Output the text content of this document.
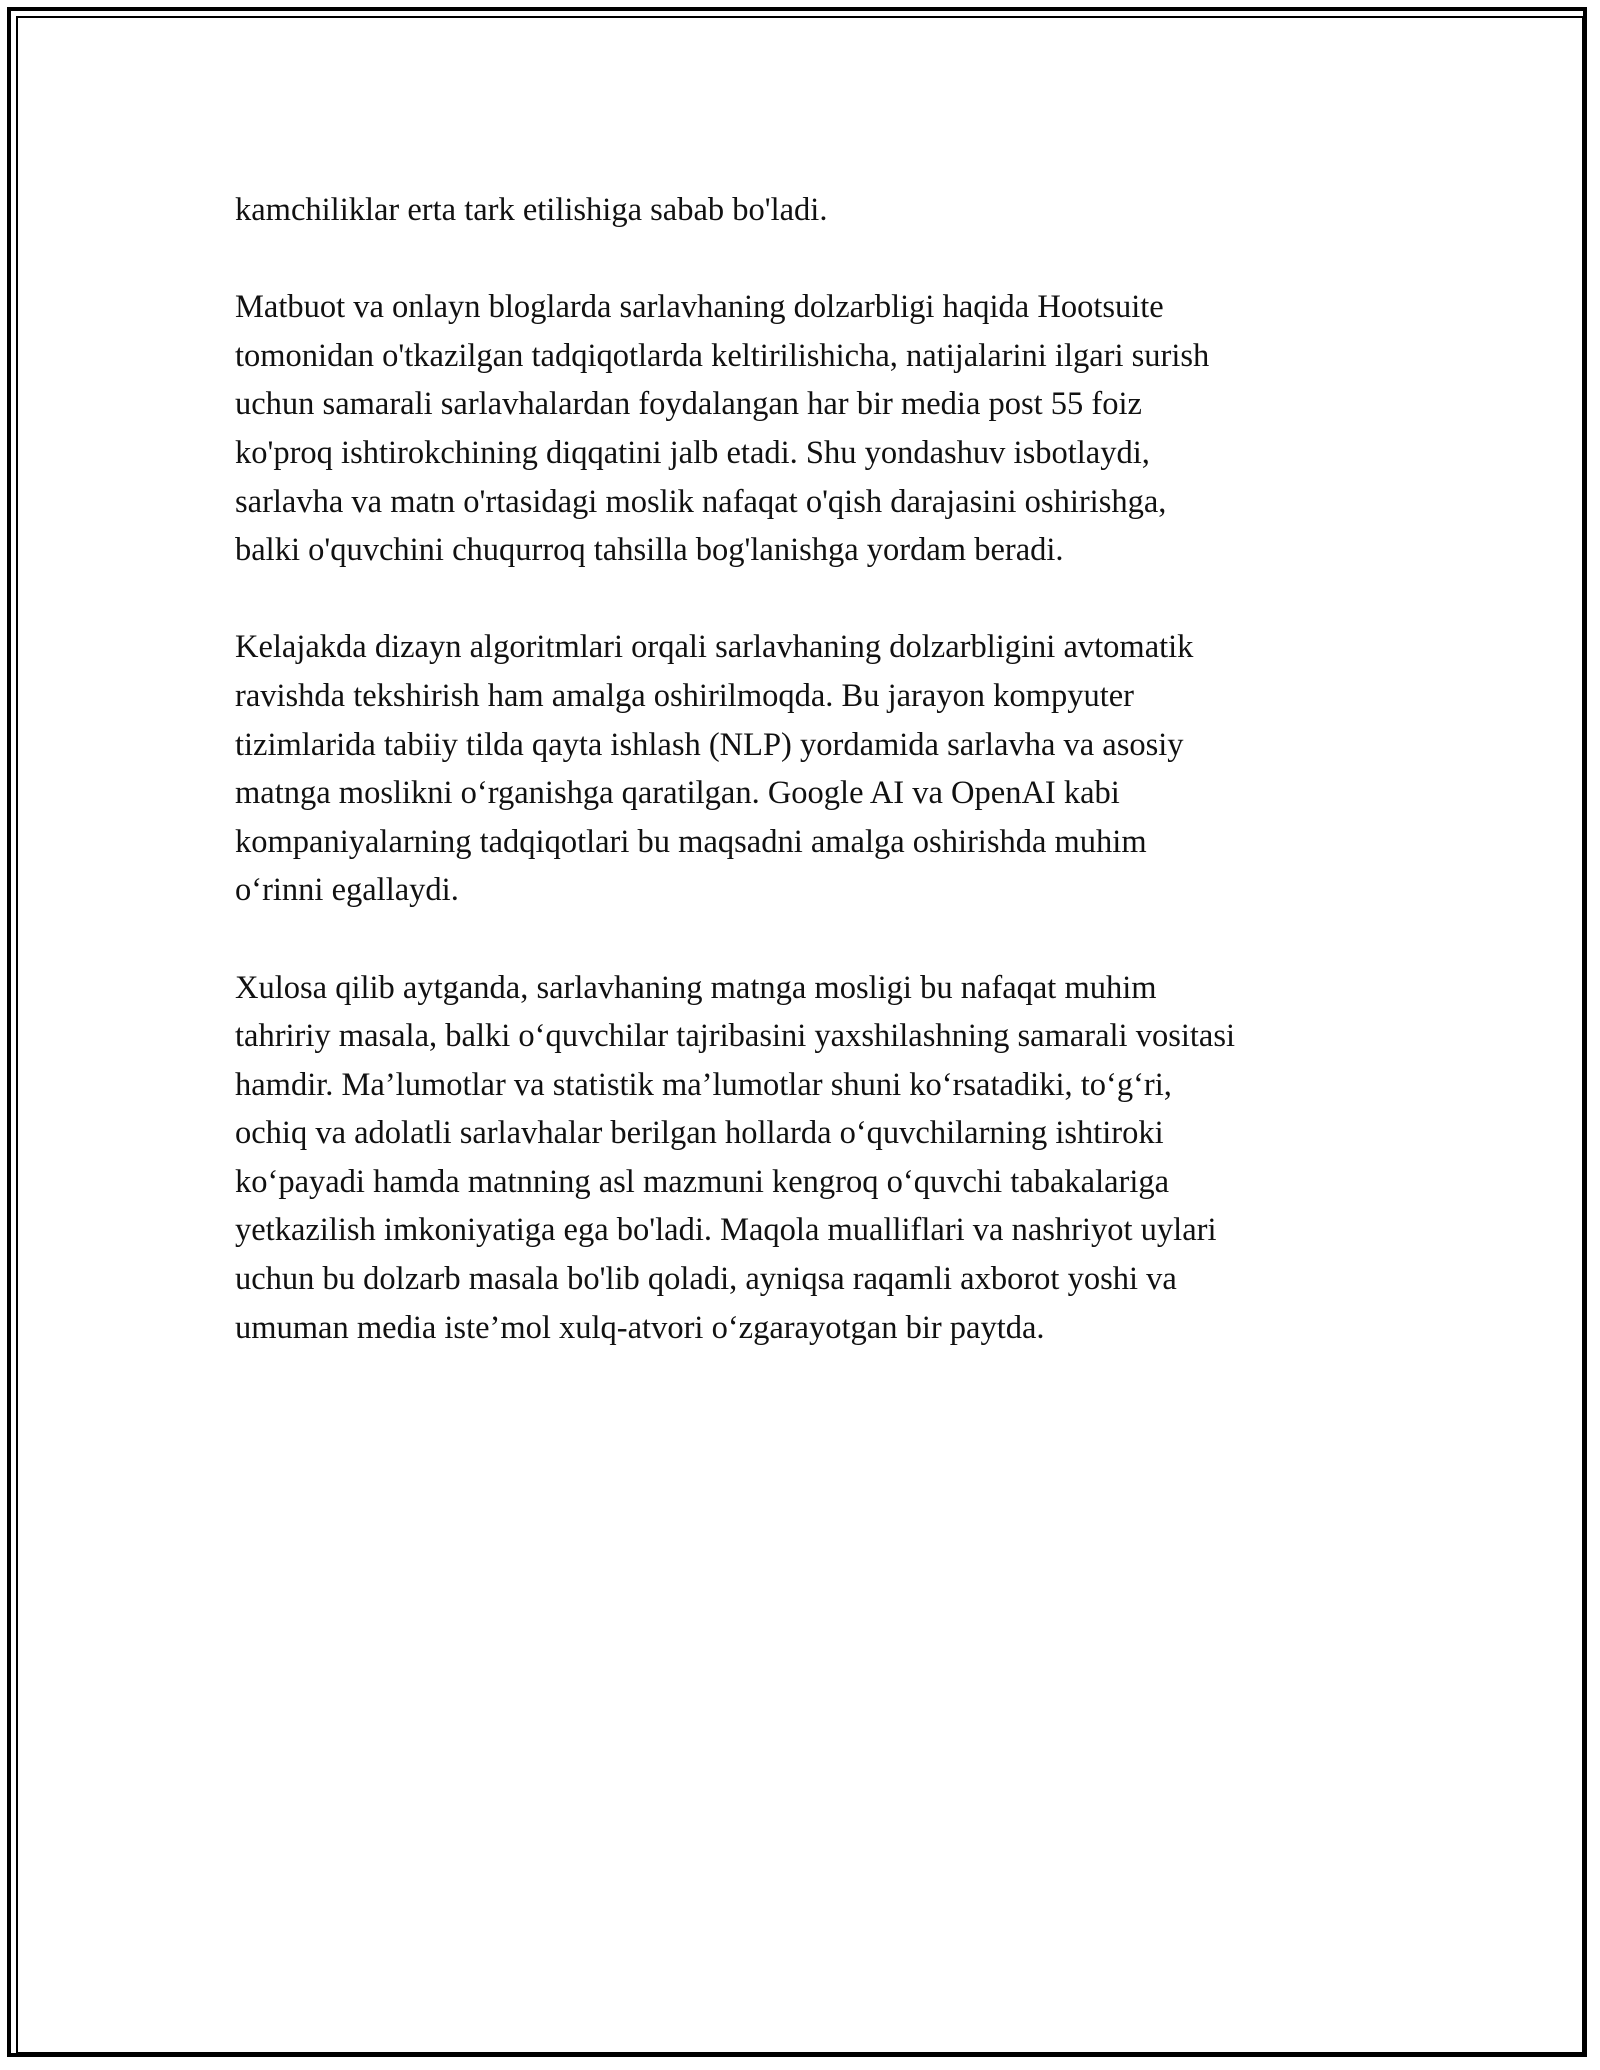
kamchiliklar erta tark etilishiga sabab bo'ladi.

Matbuot va onlayn bloglarda sarlavhaning dolzarbligi haqida Hootsuite
tomonidan o'tkazilgan tadqiqotlarda keltirilishicha, natijalarini ilgari surish
uchun samarali sarlavhalardan foydalangan har bir media post 55 foiz
ko'proq ishtirokchining diqqatini jalb etadi. Shu yondashuv isbotlaydi,
sarlavha va matn o'rtasidagi moslik nafaqat o'qish darajasini oshirishga,
balki o'quvchini chuqurroq tahsilla bog'lanishga yordam beradi.

Kelajakda dizayn algoritmlari orqali sarlavhaning dolzarbligini avtomatik
ravishda tekshirish ham amalga oshirilmoqda. Bu jarayon kompyuter
tizimlarida tabiiy tilda qayta ishlash (NLP) yordamida sarlavha va asosiy
matnga moslikni o‘rganishga qaratilgan. Google AI va OpenAI kabi
kompaniyalarning tadqiqotlari bu maqsadni amalga oshirishda muhim
o‘rinni egallaydi.

Xulosa qilib aytganda, sarlavhaning matnga mosligi bu nafaqat muhim
tahririy masala, balki o‘quvchilar tajribasini yaxshilashning samarali vositasi
hamdir. Ma’lumotlar va statistik ma’lumotlar shuni ko‘rsatadiki, to‘g‘ri,
ochiq va adolatli sarlavhalar berilgan hollarda o‘quvchilarning ishtiroki
ko‘payadi hamda matnning asl mazmuni kengroq o‘quvchi tabakalariga
yetkazilish imkoniyatiga ega bo'ladi. Maqola mualliflari va nashriyot uylari
uchun bu dolzarb masala bo'lib qoladi, ayniqsa raqamli axborot yoshi va
umuman media iste’mol xulq-atvori o‘zgarayotgan bir paytda.
